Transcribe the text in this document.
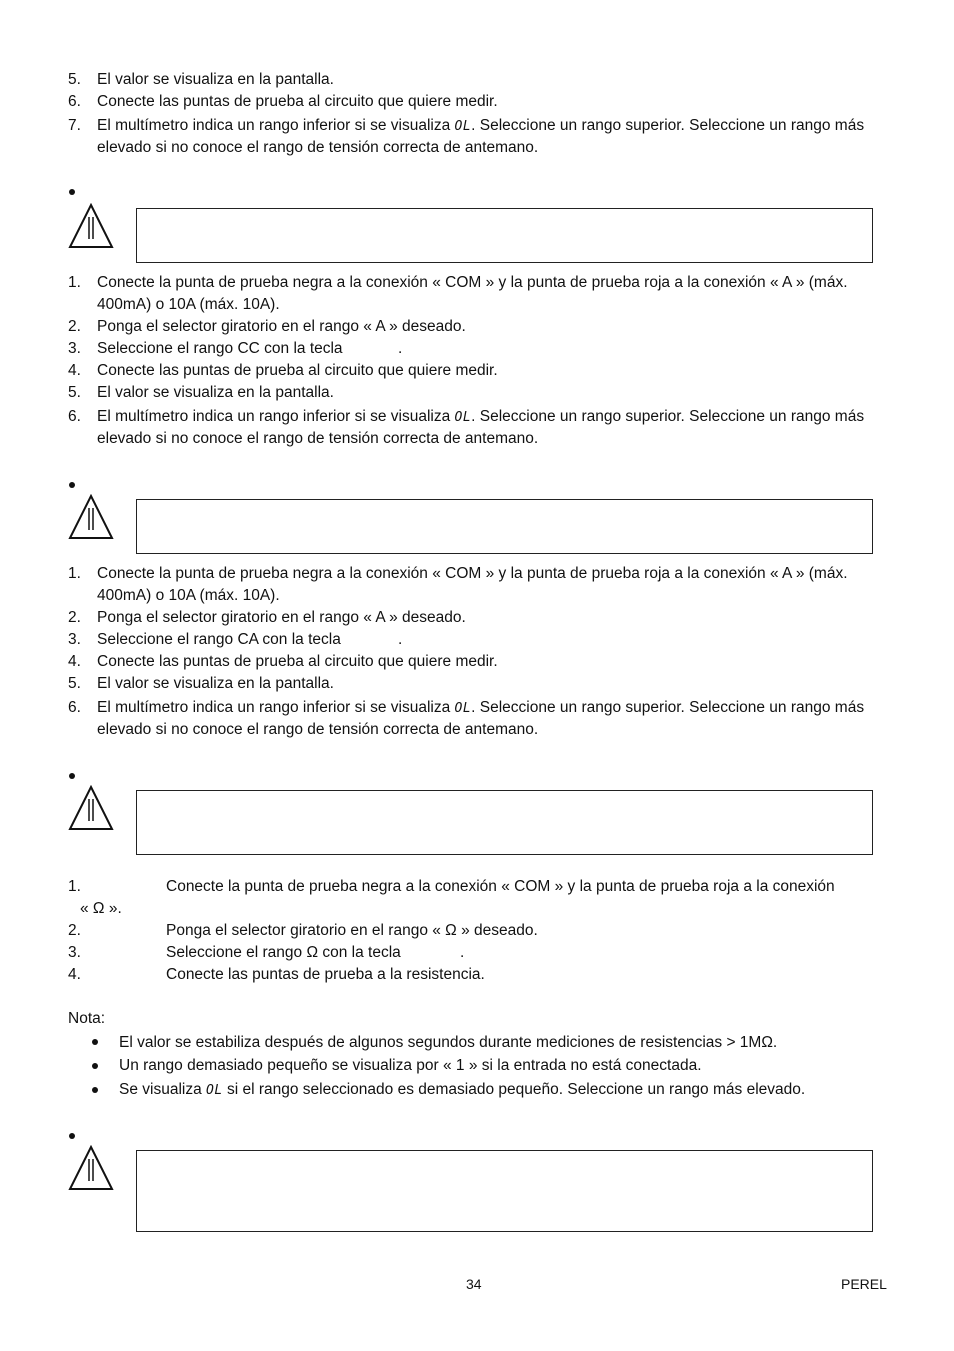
5. El valor se visualiza en la pantalla.
6. Conecte las puntas de prueba al circuito que quiere medir.
7. El multímetro indica un rango inferior si se visualiza OL. Seleccione un rango superior. Seleccione un rango más
elevado si no conoce el rango de tensión correcta de antemano.
1. Conecte la punta de prueba negra a la conexión « COM » y la punta de prueba roja a la conexión « A » (máx.
400mA) o 10A (máx. 10A).
2. Ponga el selector giratorio en el rango « A » deseado.
3. Seleccione el rango CC con la tecla	.
4. Conecte las puntas de prueba al circuito que quiere medir.
5. El valor se visualiza en la pantalla.
6. El multímetro indica un rango inferior si se visualiza OL. Seleccione un rango superior. Seleccione un rango más
elevado si no conoce el rango de tensión correcta de antemano.
1. Conecte la punta de prueba negra a la conexión « COM » y la punta de prueba roja a la conexión « A » (máx.
400mA) o 10A (máx. 10A).
2. Ponga el selector giratorio en el rango « A » deseado.
3. Seleccione el rango CA con la tecla	.
4. Conecte las puntas de prueba al circuito que quiere medir.
5. El valor se visualiza en la pantalla.
6. El multímetro indica un rango inferior si se visualiza OL. Seleccione un rango superior. Seleccione un rango más
elevado si no conoce el rango de tensión correcta de antemano.
1.	Conecte la punta de prueba negra a la conexión « COM » y la punta de prueba roja a la conexión
« Ω ».
2.	Ponga el selector giratorio en el rango « Ω » deseado.
3.	Seleccione el rango Ω con la tecla	.
4.	Conecte las puntas de prueba a la resistencia.
Nota:
El valor se estabiliza después de algunos segundos durante mediciones de resistencias > 1MΩ.
Un rango demasiado pequeño se visualiza por « 1 » si la entrada no está conectada.
Se visualiza OL si el rango seleccionado es demasiado pequeño. Seleccione un rango más elevado.
34	PEREL
